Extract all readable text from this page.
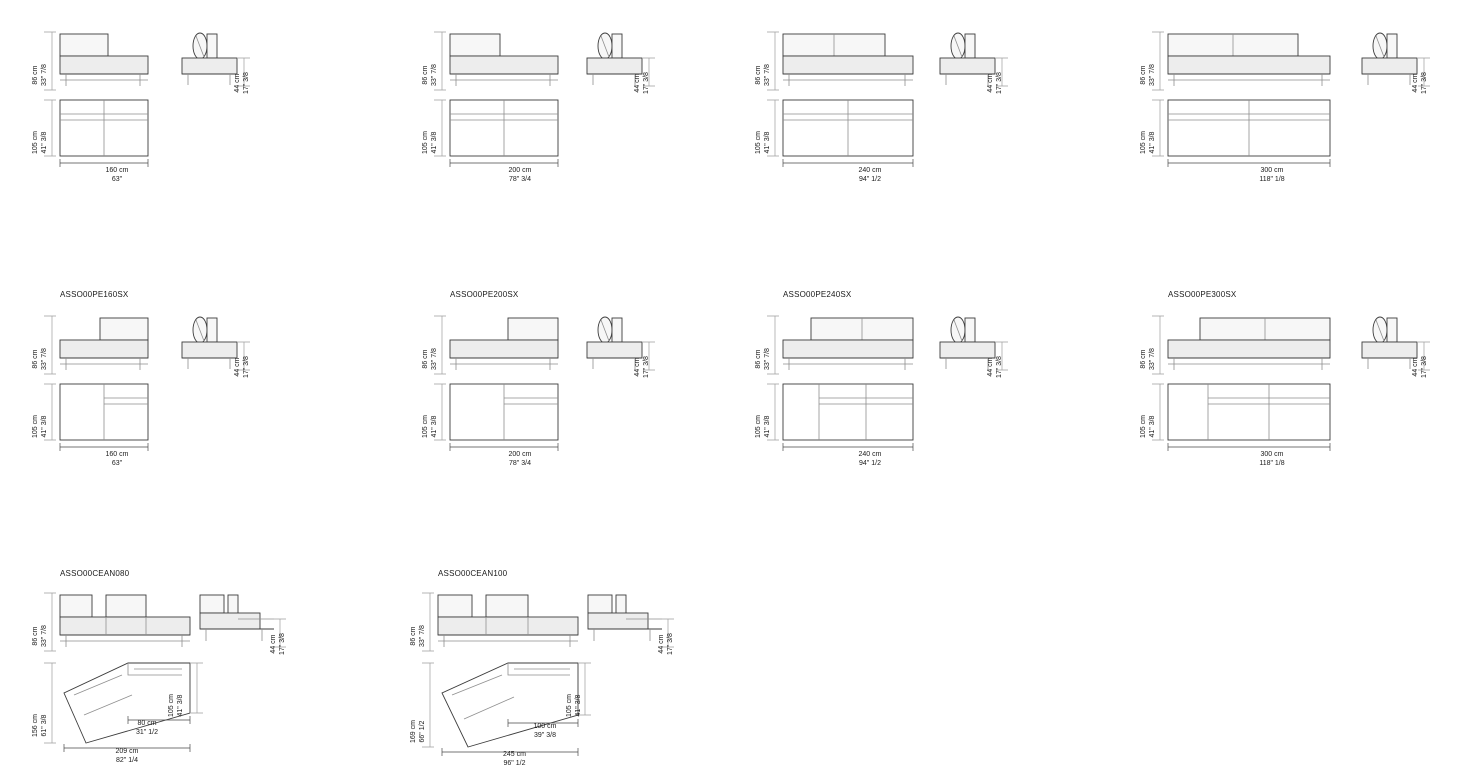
86 cm 33" 7/8
105 cm 41" 3/8
44 cm 17" 3/8
160 cm
63"
86 cm 33" 7/8
105 cm 41" 3/8
44 cm 17" 3/8
200 cm
78" 3/4
86 cm 33" 7/8
105 cm 41" 3/8
44 cm 17" 3/8
240 cm
94" 1/2
86 cm 33" 7/8
105 cm 41" 3/8
44 cm 17" 3/8
300 cm
118" 1/8
ASSO00PE160SX
86 cm 33" 7/8
105 cm 41" 3/8
44 cm 17" 3/8
160 cm
63"
ASSO00PE200SX
86 cm 33" 7/8
105 cm 41" 3/8
44 cm 17" 3/8
200 cm
78" 3/4
ASSO00PE240SX
86 cm 33" 7/8
105 cm 41" 3/8
44 cm 17" 3/8
240 cm
94" 1/2
ASSO00PE300SX
86 cm 33" 7/8
105 cm 41" 3/8
44 cm 17" 3/8
300 cm
118" 1/8
ASSO00CEAN080
86 cm 33" 7/8
156 cm 61" 3/8
105 cm 41" 3/8
44 cm 17" 3/8
80 cm
31" 1/2
209 cm
82" 1/4
ASSO00CEAN100
86 cm 33" 7/8
169 cm 66" 1/2
105 cm 41" 3/8
44 cm 17" 3/8
100 cm
39" 3/8
245 cm
96" 1/2
